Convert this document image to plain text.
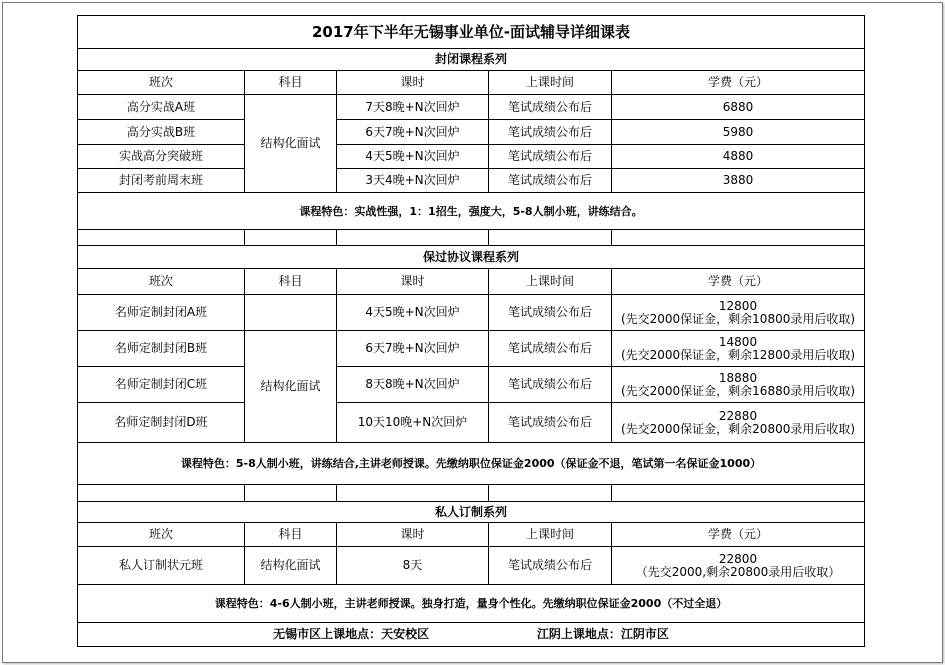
2017年下半年无锡事业单位-面试辅导详细课表				
封闭课程系列				
班次	科目	课时	上课时间	学费（元）
高分实战A班	结构化面试	7天8晚+N次回炉	笔试成绩公布后	6880
高分实战B班		6天7晚+N次回炉	笔试成绩公布后	5980
实战高分突破班		4天5晚+N次回炉	笔试成绩公布后	4880
封闭考前周末班		3天4晚+N次回炉	笔试成绩公布后	3880
课程特色：实战性强，1：1招生，强度大，5-8人制小班，讲练结合。				

保过协议课程系列				
班次	科目	课时	上课时间	学费（元）
名师定制封闭A班		4天5晚+N次回炉	笔试成绩公布后	12800
(先交2000保证金，剩余10800录用后收取)

名师定制封闭B班	结构化面试	6天7晚+N次回炉	笔试成绩公布后	14800
(先交2000保证金，剩余12800录用后收取)

名师定制封闭C班		8天8晚+N次回炉	笔试成绩公布后	18880
(先交2000保证金，剩余16880录用后收取)

名师定制封闭D班		10天10晚+N次回炉	笔试成绩公布后	22880
(先交2000保证金，剩余20800录用后收取)

课程特色：5-8人制小班，讲练结合,主讲老师授课。先缴纳职位保证金2000（保证金不退，笔试第一名保证金1000）				

私人订制系列				
班次	科目	课时	上课时间	学费（元）
私人订制状元班	结构化面试	8天	笔试成绩公布后	22800
（先交2000,剩余20800录用后收取）

课程特色：4-6人制小班，主讲老师授课。独身打造，量身个性化。先缴纳职位保证金2000（不过全退）				
无锡市区上课地点：天安校区 江阴上课地点：江阴市区				
